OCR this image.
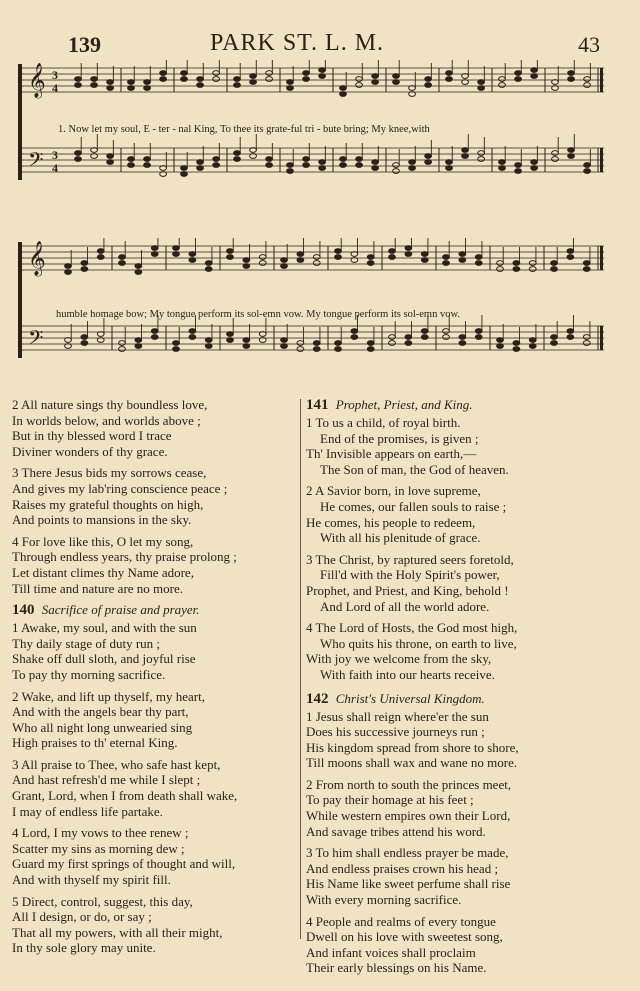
139	PARK ST. L. M.	43
𝄞 3
4
𝄢 3
4
1. Now let my soul, E - ter - nal King, To thee its grate-ful tri - bute bring; My knee,with
𝄞
𝄢
humble homage bow; My tongue perform its sol-emn vow. My tongue perform its sol-emn vow.
2 All nature sings thy boundless love,
In worlds below, and worlds above ;
But in thy blessed word I trace
Diviner wonders of thy grace.
3 There Jesus bids my sorrows cease,
And gives my lab'ring conscience peace ;
Raises my grateful thoughts on high,
And points to mansions in the sky.
4 For love like this, O let my song,
Through endless years, thy praise prolong ;
Let distant climes thy Name adore,
Till time and nature are no more.
140 Sacrifice of praise and prayer.
1 Awake, my soul, and with the sun
Thy daily stage of duty run ;
Shake off dull sloth, and joyful rise
To pay thy morning sacrifice.
2 Wake, and lift up thyself, my heart,
And with the angels bear thy part,
Who all night long unwearied sing
High praises to th' eternal King.
3 All praise to Thee, who safe hast kept,
And hast refresh'd me while I slept ;
Grant, Lord, when I from death shall wake,
I may of endless life partake.
4 Lord, I my vows to thee renew ;
Scatter my sins as morning dew ;
Guard my first springs of thought and will,
And with thyself my spirit fill.
5 Direct, control, suggest, this day,
All I design, or do, or say ;
That all my powers, with all their might,
In thy sole glory may unite.
141 Prophet, Priest, and King.
1 To us a child, of royal birth.
End of the promises, is given ;
Th' Invisible appears on earth,—
The Son of man, the God of heaven.
2 A Savior born, in love supreme,
He comes, our fallen souls to raise ;
He comes, his people to redeem,
With all his plenitude of grace.
3 The Christ, by raptured seers foretold,
Fill'd with the Holy Spirit's power,
Prophet, and Priest, and King, behold !
And Lord of all the world adore.
4 The Lord of Hosts, the God most high,
Who quits his throne, on earth to live,
With joy we welcome from the sky,
With faith into our hearts receive.
142 Christ's Universal Kingdom.
1 Jesus shall reign where'er the sun
Does his successive journeys run ;
His kingdom spread from shore to shore,
Till moons shall wax and wane no more.
2 From north to south the princes meet,
To pay their homage at his feet ;
While western empires own their Lord,
And savage tribes attend his word.
3 To him shall endless prayer be made,
And endless praises crown his head ;
His Name like sweet perfume shall rise
With every morning sacrifice.
4 People and realms of every tongue
Dwell on his love with sweetest song,
And infant voices shall proclaim
Their early blessings on his Name.
